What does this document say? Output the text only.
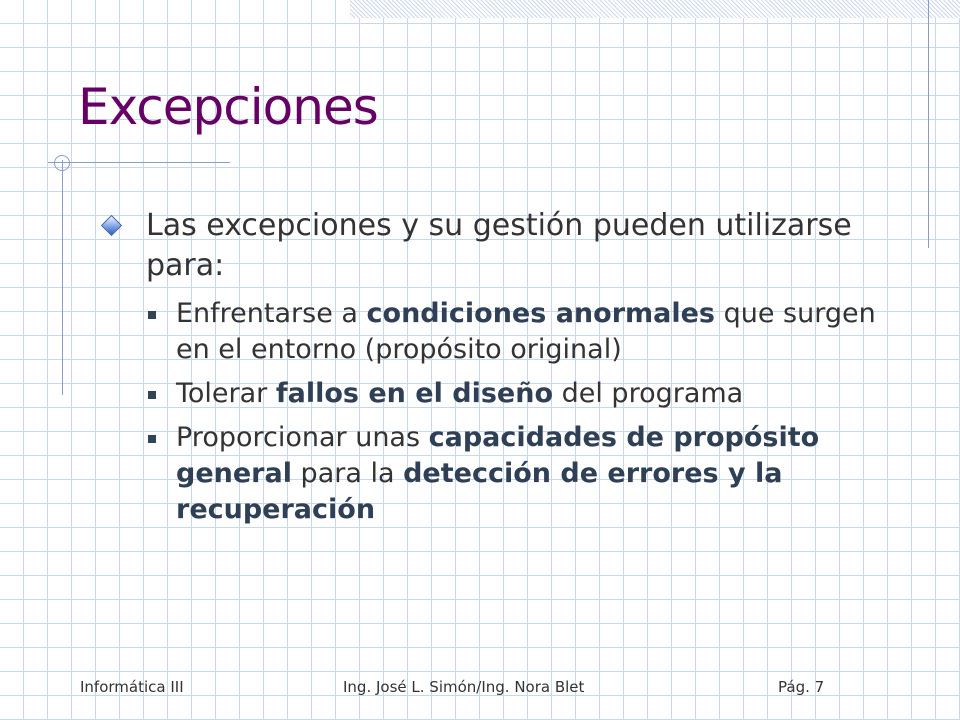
Excepciones
Las excepciones y su gestión pueden utilizarse para:
Enfrentarse a condiciones anormales que surgen en el entorno (propósito original)
Tolerar fallos en el diseño del programa
Proporcionar unas capacidades de propósito general para la detección de errores y la recuperación
Informática III	Ing. José L. Simón/Ing. Nora Blet	Pág. 7
